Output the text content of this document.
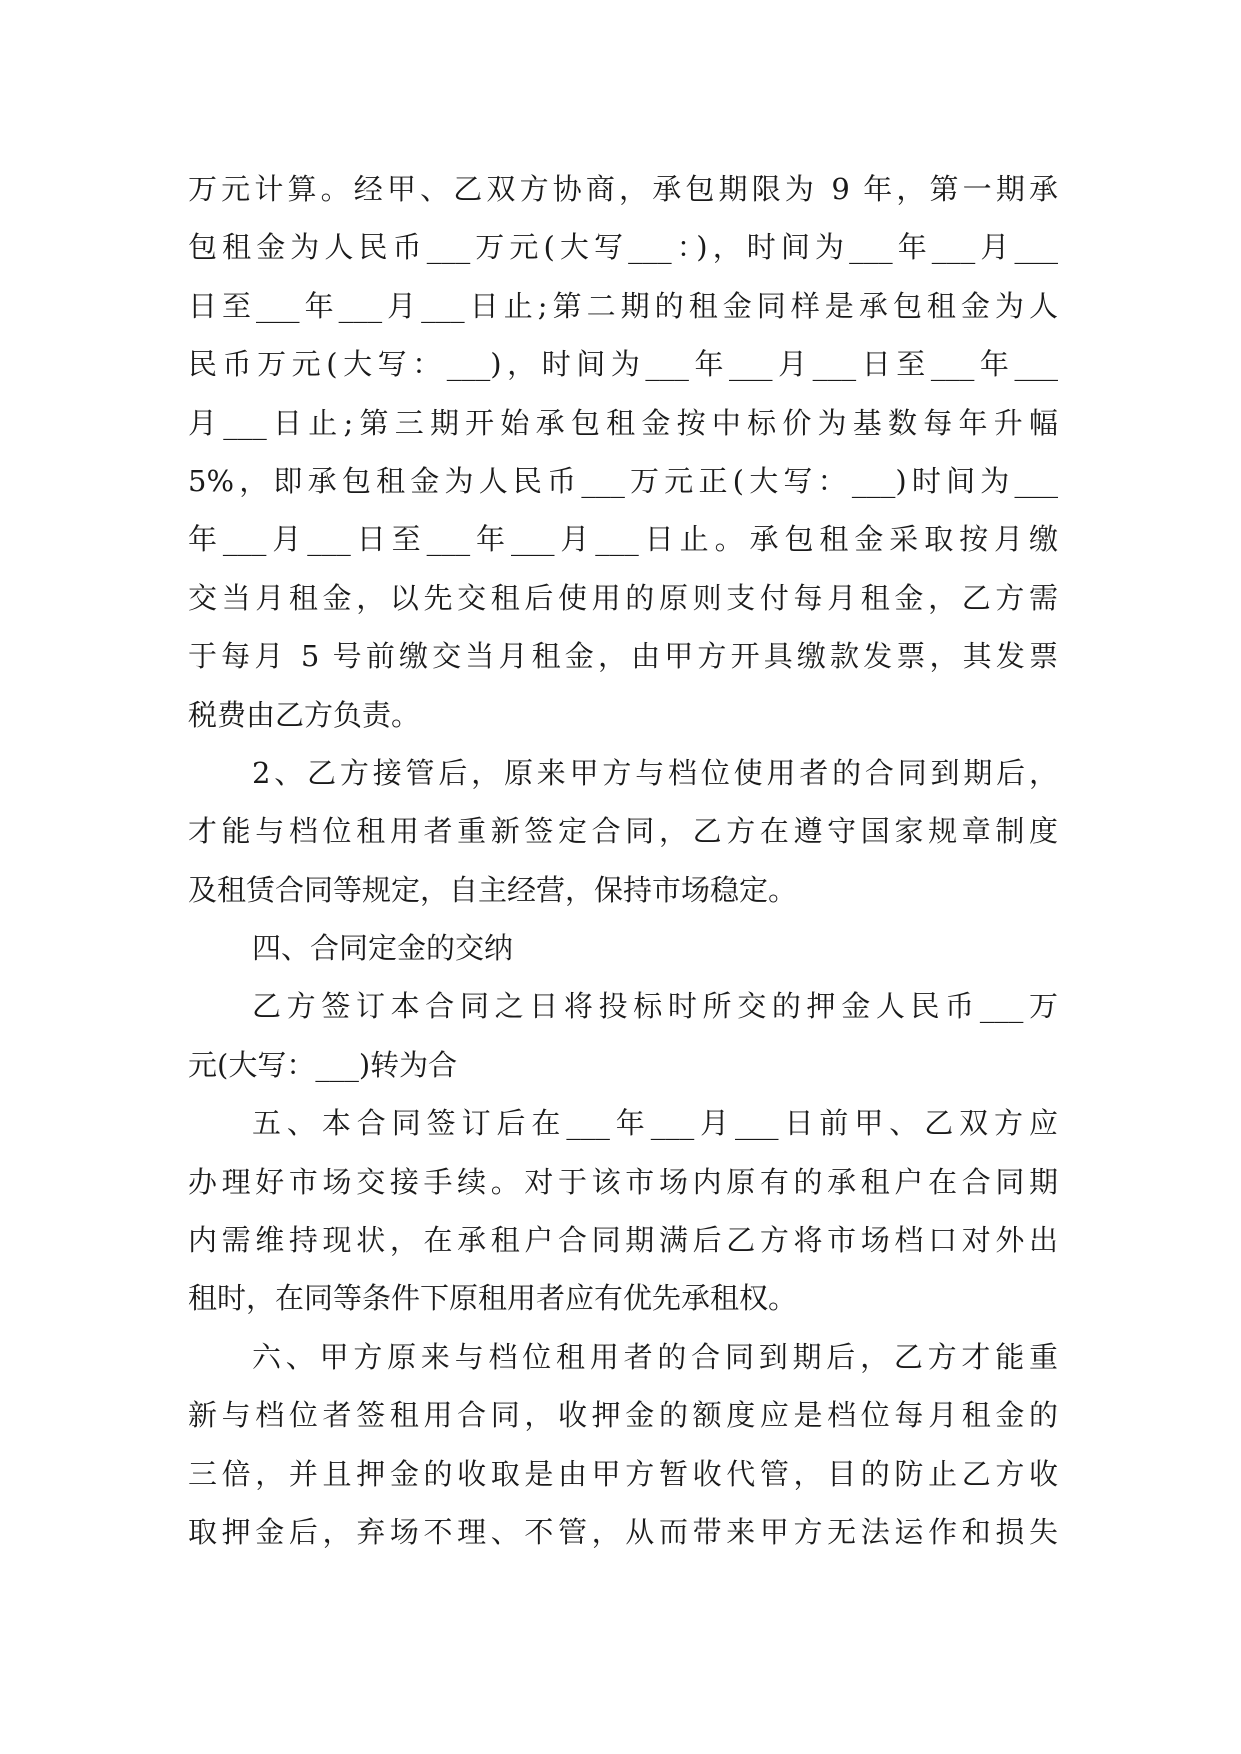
万元计算。经甲、乙双方协商，承包期限为 9 年，第一期承
包租金为人民币___万元(大写___：)，时间为___年___月___
日至___年___月___日止;第二期的租金同样是承包租金为人
民币万元(大写：___)，时间为___年___月___日至___年___
月___日止;第三期开始承包租金按中标价为基数每年升幅
5%，即承包租金为人民币___万元正(大写：___)时间为___
年___月___日至___年___月___日止。承包租金采取按月缴
交当月租金，以先交租后使用的原则支付每月租金，乙方需
于每月 5 号前缴交当月租金，由甲方开具缴款发票，其发票
税费由乙方负责。
2、乙方接管后，原来甲方与档位使用者的合同到期后，
才能与档位租用者重新签定合同，乙方在遵守国家规章制度
及租赁合同等规定，自主经营，保持市场稳定。
四、合同定金的交纳
乙方签订本合同之日将投标时所交的押金人民币___万
元(大写：___)转为合
五、本合同签订后在___年___月___日前甲、乙双方应
办理好市场交接手续。对于该市场内原有的承租户在合同期
内需维持现状，在承租户合同期满后乙方将市场档口对外出
租时，在同等条件下原租用者应有优先承租权。
六、甲方原来与档位租用者的合同到期后，乙方才能重
新与档位者签租用合同，收押金的额度应是档位每月租金的
三倍，并且押金的收取是由甲方暂收代管，目的防止乙方收
取押金后，弃场不理、不管，从而带来甲方无法运作和损失
